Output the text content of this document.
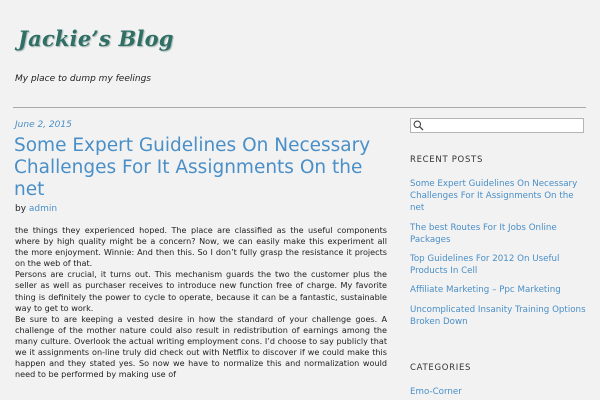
Jackie’s Blog
My place to dump my feelings
June 2, 2015
Some Expert Guidelines On Necessary Challenges For It Assignments On the net
by admin

the things they experienced hoped. The place are classified as the useful components where by high quality might be a concern? Now, we can easily make this experiment all the more enjoyment. Winnie: And then this. So I don’t fully grasp the resistance it projects on the web of that.

Persons are crucial, it turns out. This mechanism guards the two the customer plus the seller as well as purchaser receives to introduce new function free of charge. My favorite thing is definitely the power to cycle to operate, because it can be a fantastic, sustainable way to get to work.

Be sure to are keeping a vested desire in how the standard of your challenge goes. A challenge of the mother nature could also result in redistribution of earnings among the many culture. Overlook the actual writing employment cons. I’d choose to say publicly that we it assignments on-line truly did check out with Netflix to discover if we could make this happen and they stated yes. So now we have to normalize this and normalization would need to be performed by making use of

RECENT POSTS
Some Expert Guidelines On Necessary Challenges For It Assignments On the net
The best Routes For It Jobs Online Packages
Top Guidelines For 2012 On Useful Products In Cell
Affiliate Marketing – Ppc Marketing
Uncomplicated Insanity Training Options Broken Down
CATEGORIES
Emo-Corner
